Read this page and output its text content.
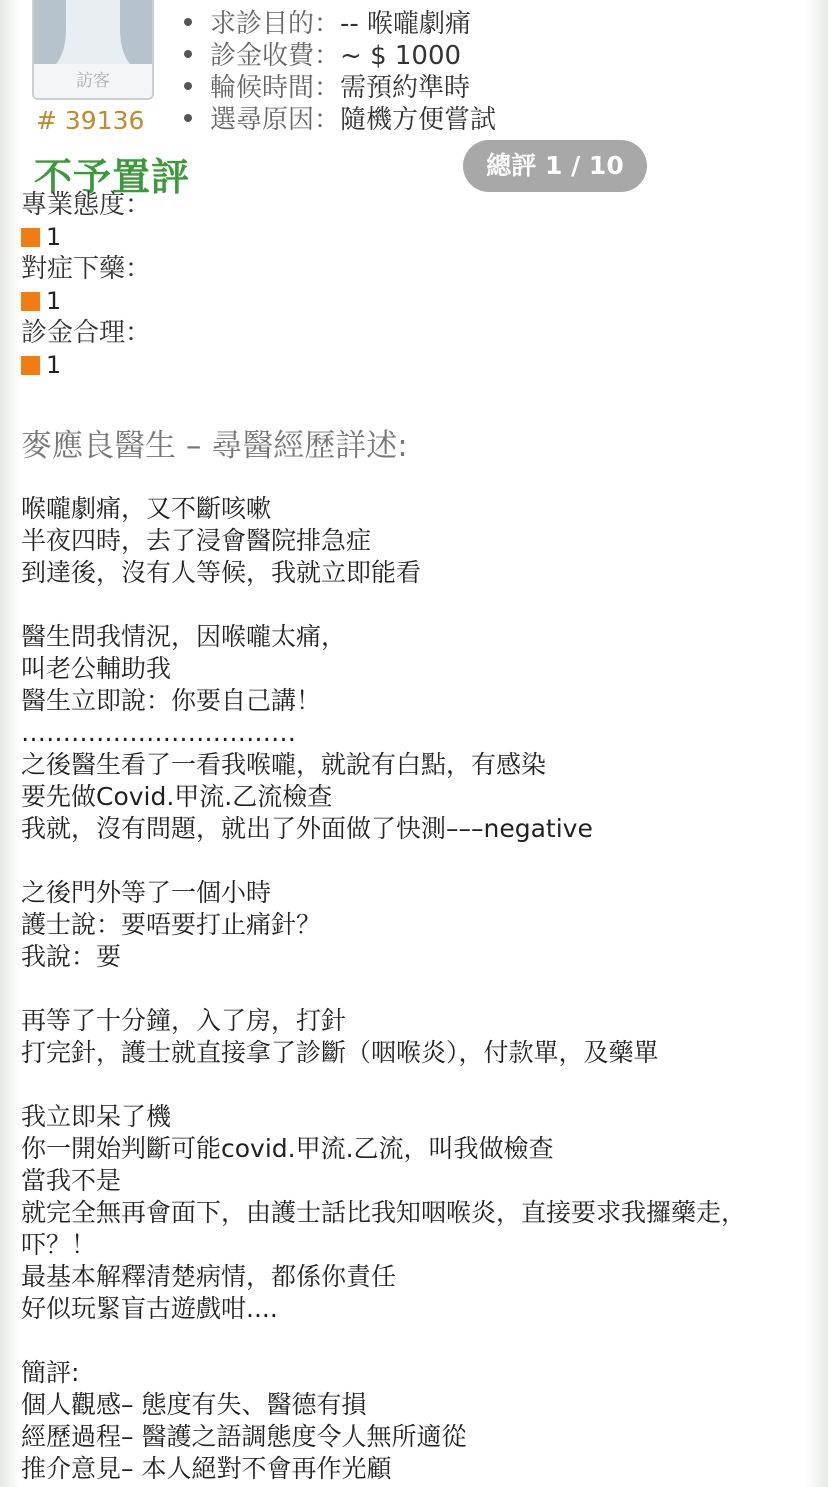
訪客
# 39136
不予置評
求診目的：-- 喉嚨劇痛
診金收費：~ $ 1000
輪候時間：需預約準時
選尋原因：隨機方便嘗試
總評 1 / 10
專業態度：
1
對症下藥：
1
診金合理：
1
麥應良醫生 – 尋醫經歷詳述:
喉嚨劇痛，又不斷咳嗽
半夜四時，去了浸會醫院排急症
到達後，沒有人等候，我就立即能看
醫生問我情況，因喉嚨太痛，
叫老公輔助我
醫生立即說：你要自己講！
……………………………
之後醫生看了一看我喉嚨，就說有白點，有感染
要先做Covid.甲流.乙流檢查
我就，沒有問題，就出了外面做了快測–––negative
之後門外等了一個小時
護士說：要唔要打止痛針？
我說：要
再等了十分鐘，入了房，打針
打完針，護士就直接拿了診斷（咽喉炎），付款單，及藥單
我立即呆了機
你一開始判斷可能covid.甲流.乙流，叫我做檢查
當我不是
就完全無再會面下，由護士話比我知咽喉炎，直接要求我攞藥走，
吓？！
最基本解釋清楚病情，都係你責任
好似玩緊盲古遊戲咁....
簡評:
個人觀感– 態度有失、醫德有損
經歷過程– 醫護之語調態度令人無所適從
推介意見– 本人絕對不會再作光顧
